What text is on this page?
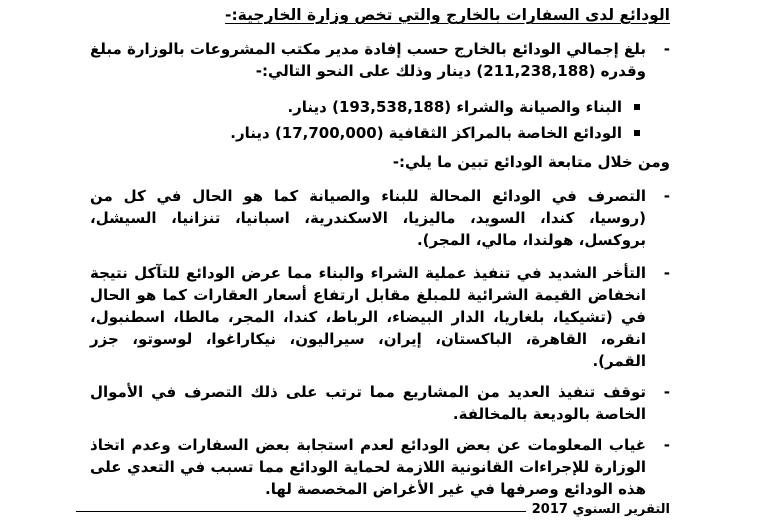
الودائع لدى السفارات بالخارج والتي تخص وزارة الخارجية:-
-
بلغ إجمالي الودائع بالخارج حسب إفادة مدير مكتب المشروعات بالوزارة مبلغ وقدره (211,238,188) دينار وذلك على النحو التالي:-
البناء والصيانة والشراء (193,538,188) دينار.
الودائع الخاصة بالمراكز الثقافية (17,700,000) دينار.
ومن خلال متابعة الودائع تبين ما يلي:-
-
التصرف في الودائع المحالة للبناء والصيانة كما هو الحال في كل من (روسيا، كندا، السويد، ماليزيا، الاسكندرية، اسبانيا، تنزانيا، السيشل، بروكسل، هولندا، مالي، المجر).
-
التأخر الشديد في تنفيذ عملية الشراء والبناء مما عرض الودائع للتآكل نتيجة انخفاض القيمة الشرائية للمبلغ مقابل ارتفاع أسعار العقارات كما هو الحال في (تشيكيا، بلغاريا، الدار البيضاء، الرباط، كندا، المجر، مالطا، اسطنبول، انقره، القاهرة، الباكستان، إيران، سيراليون، نيكاراغوا، لوسوتو، جزر القمر).
-
توقف تنفيذ العديد من المشاريع مما ترتب على ذلك التصرف في الأموال الخاصة بالوديعة بالمخالفة.
-
غياب المعلومات عن بعض الودائع لعدم استجابة بعض السفارات وعدم اتخاذ الوزارة للإجراءات القانونية اللازمة لحماية الودائع مما تسبب في التعدي على هذه الودائع وصرفها في غير الأغراض المخصصة لها.
التقرير السنوي 2017
